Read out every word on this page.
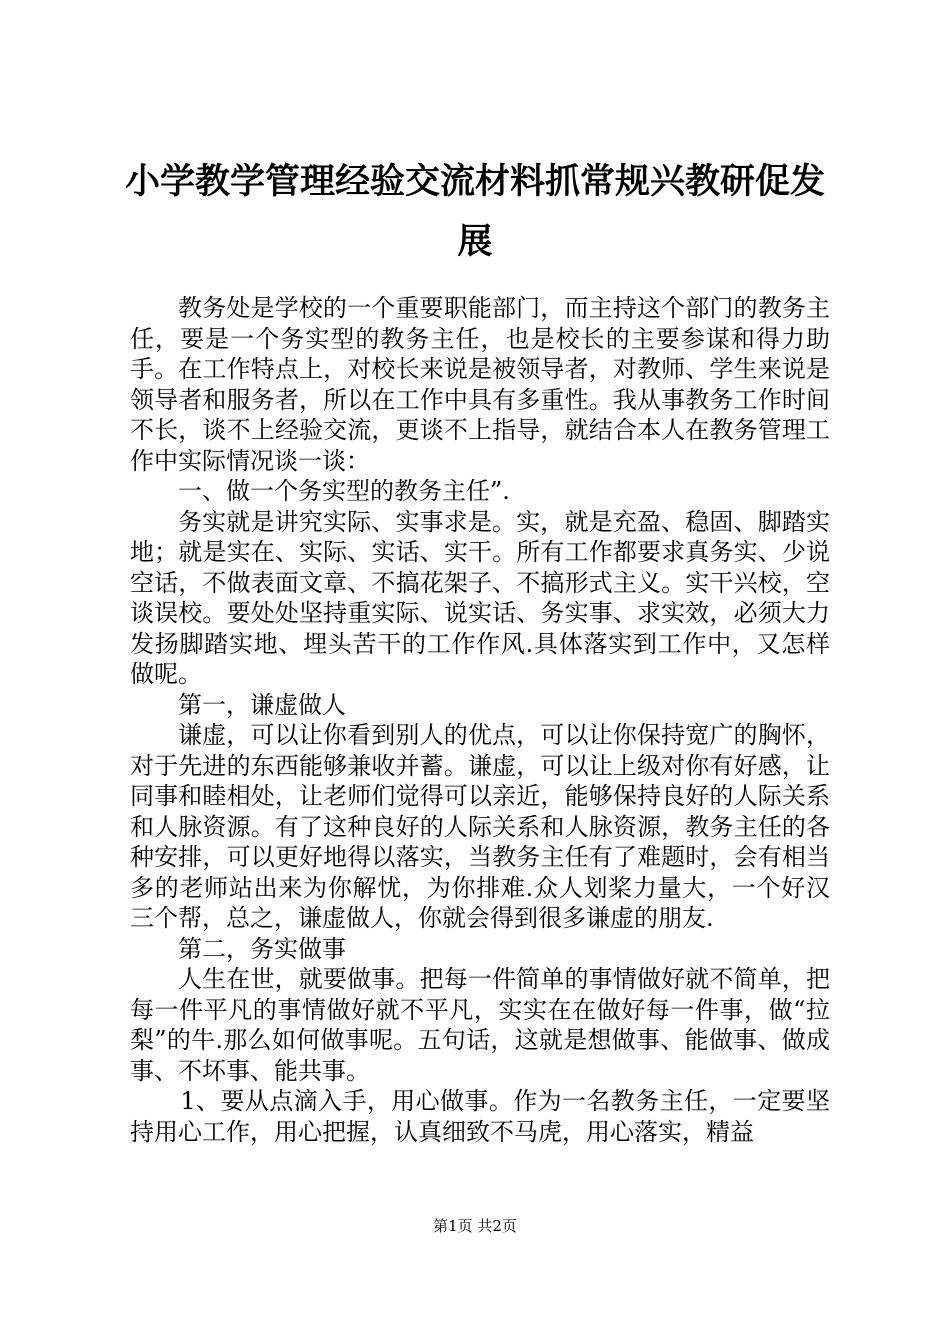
小学教学管理经验交流材料抓常规兴教研促发
展

教务处是学校的一个重要职能部门，而主持这个部门的教务主任，要是一个务实型的教务主任，也是校长的主要参谋和得力助手。在工作特点上，对校长来说是被领导者，对教师、学生来说是领导者和服务者，所以在工作中具有多重性。我从事教务工作时间不长，谈不上经验交流，更谈不上指导，就结合本人在教务管理工作中实际情况谈一谈：

一、做一个务实型的教务主任”.

务实就是讲究实际、实事求是。实，就是充盈、稳固、脚踏实地；就是实在、实际、实话、实干。所有工作都要求真务实、少说空话，不做表面文章、不搞花架子、不搞形式主义。实干兴校，空谈误校。要处处坚持重实际、说实话、务实事、求实效，必须大力发扬脚踏实地、埋头苦干的工作作风.具体落实到工作中，又怎样做呢。

第一，谦虚做人

谦虚，可以让你看到别人的优点，可以让你保持宽广的胸怀，对于先进的东西能够兼收并蓄。谦虚，可以让上级对你有好感，让同事和睦相处，让老师们觉得可以亲近，能够保持良好的人际关系和人脉资源。有了这种良好的人际关系和人脉资源，教务主任的各种安排，可以更好地得以落实，当教务主任有了难题时，会有相当多的老师站出来为你解忧，为你排难.众人划桨力量大，一个好汉三个帮，总之，谦虚做人，你就会得到很多谦虚的朋友.

第二，务实做事

人生在世，就要做事。把每一件简单的事情做好就不简单，把每一件平凡的事情做好就不平凡，实实在在做好每一件事，做“拉梨”的牛.那么如何做事呢。五句话，这就是想做事、能做事、做成事、不坏事、能共事。

1、要从点滴入手，用心做事。作为一名教务主任，一定要坚持用心工作，用心把握，认真细致不马虎，用心落实，精益

第1页 共2页
